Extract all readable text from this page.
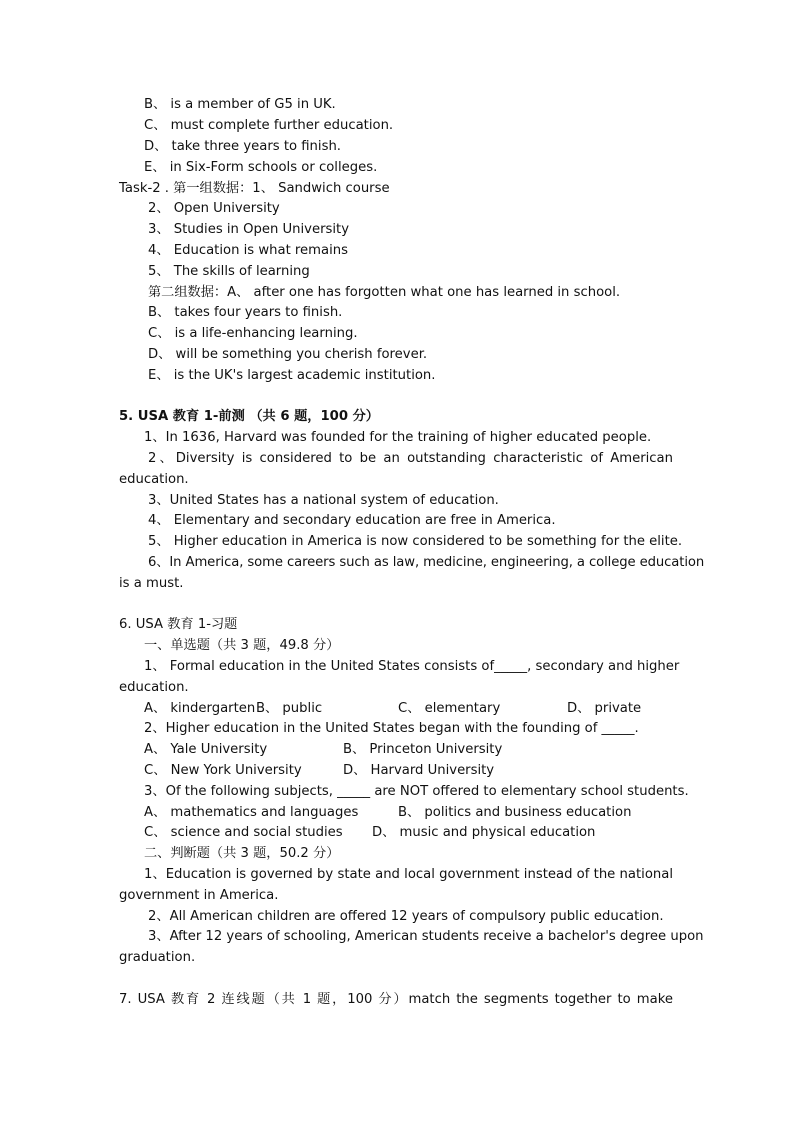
B、 is a member of G5 in UK.
C、 must complete further education.
D、 take three years to finish.
E、 in Six-Form schools or colleges.
Task-2 . 第一组数据：1、 Sandwich course
2、 Open University
3、 Studies in Open University
4、 Education is what remains
5、 The skills of learning
第二组数据：A、 after one has forgotten what one has learned in school.
B、 takes four years to finish.
C、 is a life-enhancing learning.
D、 will be something you cherish forever.
E、 is the UK's largest academic institution.
5. USA 教育 1-前测 （共 6 题，100 分）
1、In 1636, Harvard was founded for the training of higher educated people.
2、Diversity is considered to be an outstanding characteristic of American
education.
3、United States has a national system of education.
4、 Elementary and secondary education are free in America.
5、 Higher education in America is now considered to be something for the elite.
6、In America, some careers such as law, medicine, engineering, a college education
is a must.
6. USA 教育 1-习题
一、单选题（共 3 题，49.8 分）
1、 Formal education in the United States consists of_____, secondary and higher
education.
A、 kindergarten B、 public	C、 elementary	D、 private
2、Higher education in the United States began with the founding of _____.
A、 Yale University	B、 Princeton University
C、 New York University	D、 Harvard University
3、Of the following subjects, _____ are NOT offered to elementary school students.
A、 mathematics and languages	B、 politics and business education
C、 science and social studies D、 music and physical education
二、判断题（共 3 题，50.2 分）
1、Education is governed by state and local government instead of the national
government in America.
2、All American children are offered 12 years of compulsory public education.
3、After 12 years of schooling, American students receive a bachelor's degree upon
graduation.
7. USA 教育 2 连线题（共 1 题，100 分）match the segments together to make
